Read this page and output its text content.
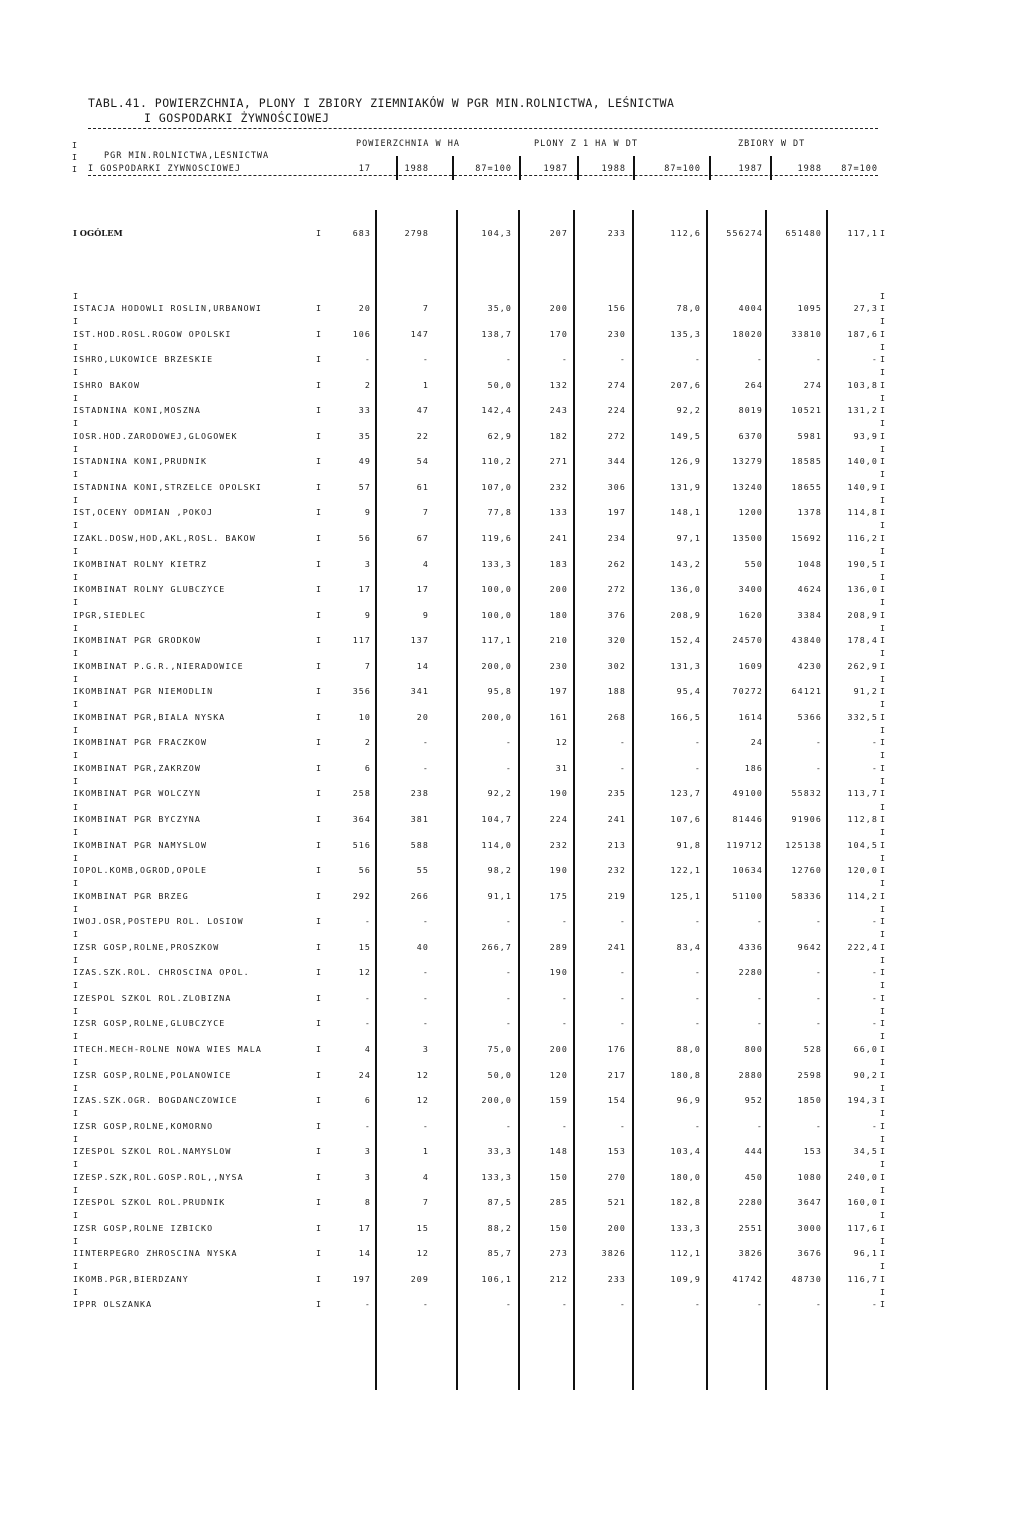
TABL.41. POWIERZCHNIA, PLONY I ZBIORY ZIEMNIAKÓW W PGR MIN.ROLNICTWA, LEŚNICTWA
I GOSPODARKI ŻYWNOŚCIOWEJ
POWIERZCHNIA W HA	PLONY Z 1 HA W DT	ZBIORY W DT
PGR MIN.ROLNICTWA,LESNICTWA
I GOSPODARKI ZYWNOSCIOWEJ	17	1988	87=100	1987	1988	87=100	1987	1988	87=100
I OGÓLEM	I	683	2798	104,3	207	233	112,6	556274	651480	117,1 I
ISTACJA HODOWLI ROSLIN,URBANOWI	I	20	7	35,0	200	156	78,0	4004	1095	27,3 I
IST.HOD.ROSL.ROGOW OPOLSKI	I	106	147	138,7	170	230	135,3	18020	33810	187,6 I
ISHRO,LUKOWICE BRZESKIE	I	-	-	-	-	-	-	-	-	- I
ISHRO BAKOW	I	2	1	50,0	132	274	207,6	264	274	103,8 I
ISTADNINA KONI,MOSZNA	I	33	47	142,4	243	224	92,2	8019	10521	131,2 I
IOSR.HOD.ZARODOWEJ,GLOGOWEK	I	35	22	62,9	182	272	149,5	6370	5981	93,9 I
ISTADNINA KONI,PRUDNIK	I	49	54	110,2	271	344	126,9	13279	18585	140,0 I
ISTADNINA KONI,STRZELCE OPOLSKI	I	57	61	107,0	232	306	131,9	13240	18655	140,9 I
IST,OCENY ODMIAN ,POKOJ	I	9	7	77,8	133	197	148,1	1200	1378	114,8 I
IZAKL.DOSW,HOD,AKL,ROSL. BAKOW	I	56	67	119,6	241	234	97,1	13500	15692	116,2 I
IKOMBINAT ROLNY KIETRZ	I	3	4	133,3	183	262	143,2	550	1048	190,5 I
IKOMBINAT ROLNY GLUBCZYCE	I	17	17	100,0	200	272	136,0	3400	4624	136,0 I
IPGR,SIEDLEC	I	9	9	100,0	180	376	208,9	1620	3384	208,9 I
IKOMBINAT PGR GRODKOW	I	117	137	117,1	210	320	152,4	24570	43840	178,4 I
IKOMBINAT P.G.R.,NIERADOWICE	I	7	14	200,0	230	302	131,3	1609	4230	262,9 I
IKOMBINAT PGR NIEMODLIN	I	356	341	95,8	197	188	95,4	70272	64121	91,2 I
IKOMBINAT PGR,BIALA NYSKA	I	10	20	200,0	161	268	166,5	1614	5366	332,5 I
IKOMBINAT PGR FRACZKOW	I	2	-	-	12	-	-	24	-	- I
IKOMBINAT PGR,ZAKRZOW	I	6	-	-	31	-	-	186	-	- I
IKOMBINAT PGR WOLCZYN	I	258	238	92,2	190	235	123,7	49100	55832	113,7 I
IKOMBINAT PGR BYCZYNA	I	364	381	104,7	224	241	107,6	81446	91906	112,8 I
IKOMBINAT PGR NAMYSLOW	I	516	588	114,0	232	213	91,8	119712	125138	104,5 I
IOPOL.KOMB,OGROD,OPOLE	I	56	55	98,2	190	232	122,1	10634	12760	120,0 I
IKOMBINAT PGR BRZEG	I	292	266	91,1	175	219	125,1	51100	58336	114,2 I
IWOJ.OSR,POSTEPU ROL. LOSIOW	I	-	-	-	-	-	-	-	-	- I
IZSR GOSP,ROLNE,PROSZKOW	I	15	40	266,7	289	241	83,4	4336	9642	222,4 I
IZAS.SZK.ROL. CHROSCINA OPOL.	I	12	-	-	190	-	-	2280	-	- I
IZESPOL SZKOL ROL.ZLOBIZNA	I	-	-	-	-	-	-	-	-	- I
IZSR GOSP,ROLNE,GLUBCZYCE	I	-	-	-	-	-	-	-	-	- I
ITECH.MECH-ROLNE NOWA WIES MALA	I	4	3	75,0	200	176	88,0	800	528	66,0 I
IZSR GOSP,ROLNE,POLANOWICE	I	24	12	50,0	120	217	180,8	2880	2598	90,2 I
IZAS.SZK.OGR. BOGDANCZOWICE	I	6	12	200,0	159	154	96,9	952	1850	194,3 I
IZSR GOSP,ROLNE,KOMORNO	I	-	-	-	-	-	-	-	-	- I
IZESPOL SZKOL ROL.NAMYSLOW	I	3	1	33,3	148	153	103,4	444	153	34,5 I
IZESP.SZK,ROL.GOSP.ROL,,NYSA	I	3	4	133,3	150	270	180,0	450	1080	240,0 I
IZESPOL SZKOL ROL.PRUDNIK	I	8	7	87,5	285	521	182,8	2280	3647	160,0 I
IZSR GOSP,ROLNE IZBICKO	I	17	15	88,2	150	200	133,3	2551	3000	117,6 I
IINTERPEGRO ZHROSCINA NYSKA	I	14	12	85,7	273	3826	112,1	3826	3676	96,1 I
IKOMB.PGR,BIERDZANY	I	197	209	106,1	212	233	109,9	41742	48730	116,7 I
IPPR OLSZANKA	I	-	-	-	-	-	-	-	-	- I
I
I
I
I	I
I	I
I	I
I	I
I	I
I	I
I	I
I	I
I	I
I	I
I	I
I	I
I	I
I	I
I	I
I	I
I	I
I	I
I	I
I	I
I	I
I	I
I	I
I	I
I	I
I	I
I	I
I	I
I	I
I	I
I	I
I	I
I	I
I	I
I	I
I	I
I	I
I	I
I	I
I	I
